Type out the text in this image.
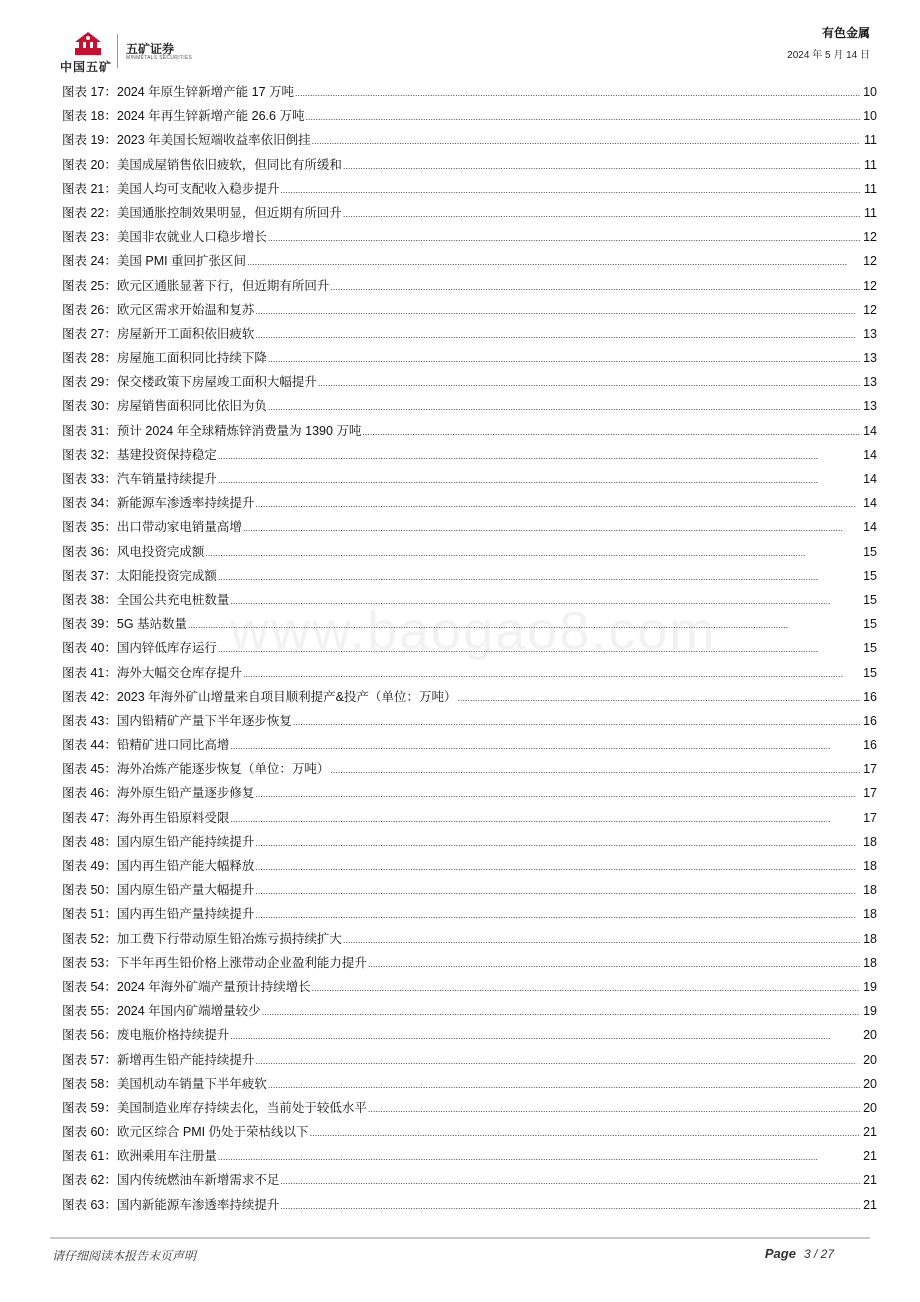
中国五矿
五矿证券
MINMETALS SECURITIES
有色金属
2024 年 5 月 14 日
www.baogao8.com
图表 17： 2024 年原生锌新增产能 17 万吨 .....	10
图表 18： 2024 年再生锌新增产能 26.6 万吨 .....	10
图表 19： 2023 年美国长短端收益率依旧倒挂 .....	11
图表 20： 美国成屋销售依旧疲软，但同比有所缓和 .....	11
图表 21： 美国人均可支配收入稳步提升 .....	11
图表 22： 美国通胀控制效果明显，但近期有所回升 .....	11
图表 23： 美国非农就业人口稳步增长 .....	12
图表 24： 美国 PMI 重回扩张区间 .....	12
图表 25： 欧元区通胀显著下行，但近期有所回升 .....	12
图表 26： 欧元区需求开始温和复苏 .....	12
图表 27： 房屋新开工面积依旧疲软 .....	13
图表 28： 房屋施工面积同比持续下降 .....	13
图表 29： 保交楼政策下房屋竣工面积大幅提升 .....	13
图表 30： 房屋销售面积同比依旧为负 .....	13
图表 31： 预计 2024 年全球精炼锌消费量为 1390 万吨 .....	14
图表 32： 基建投资保持稳定 .....	14
图表 33： 汽车销量持续提升 .....	14
图表 34： 新能源车渗透率持续提升 .....	14
图表 35： 出口带动家电销量高增 .....	14
图表 36： 风电投资完成额 .....	15
图表 37： 太阳能投资完成额 .....	15
图表 38： 全国公共充电桩数量 .....	15
图表 39： 5G 基站数量 .....	15
图表 40： 国内锌低库存运行 .....	15
图表 41： 海外大幅交仓库存提升 .....	15
图表 42： 2023 年海外矿山增量来自项目顺利提产&投产（单位：万吨） .....	16
图表 43： 国内铅精矿产量下半年逐步恢复 .....	16
图表 44： 铅精矿进口同比高增 .....	16
图表 45： 海外冶炼产能逐步恢复（单位：万吨） .....	17
图表 46： 海外原生铅产量逐步修复 .....	17
图表 47： 海外再生铅原料受限 .....	17
图表 48： 国内原生铅产能持续提升 .....	18
图表 49： 国内再生铅产能大幅释放 .....	18
图表 50： 国内原生铅产量大幅提升 .....	18
图表 51： 国内再生铅产量持续提升 .....	18
图表 52： 加工费下行带动原生铅冶炼亏损持续扩大 .....	18
图表 53： 下半年再生铅价格上涨带动企业盈利能力提升 .....	18
图表 54： 2024 年海外矿端产量预计持续增长 .....	19
图表 55： 2024 年国内矿端增量较少 .....	19
图表 56： 废电瓶价格持续提升 .....	20
图表 57： 新增再生铅产能持续提升 .....	20
图表 58： 美国机动车销量下半年疲软 .....	20
图表 59： 美国制造业库存持续去化，当前处于较低水平 .....	20
图表 60： 欧元区综合 PMI 仍处于荣枯线以下 .....	21
图表 61： 欧洲乘用车注册量 .....	21
图表 62： 国内传统燃油车新增需求不足 .....	21
图表 63： 国内新能源车渗透率持续提升 .....	21
请仔细阅读本报告末页声明	Page 3 / 27
